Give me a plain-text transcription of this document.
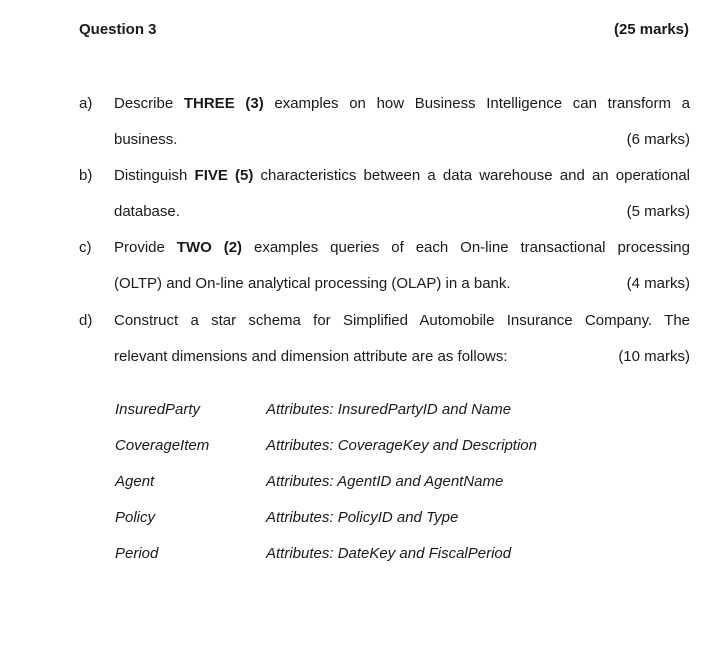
Question 3	(25 marks)
a) Describe THREE (3) examples on how Business Intelligence can transform a
business.	(6 marks)
b) Distinguish FIVE (5) characteristics between a data warehouse and an operational
database.	(5 marks)
c) Provide TWO (2) examples queries of each On-line transactional processing
(OLTP) and On-line analytical processing (OLAP) in a bank.	(4 marks)
d) Construct a star schema for Simplified Automobile Insurance Company. The
relevant dimensions and dimension attribute are as follows:	(10 marks)
InsuredParty	Attributes: InsuredPartyID and Name
CoverageItem	Attributes: CoverageKey and Description
Agent	Attributes: AgentID and AgentName
Policy	Attributes: PolicyID and Type
Period	Attributes: DateKey and FiscalPeriod
